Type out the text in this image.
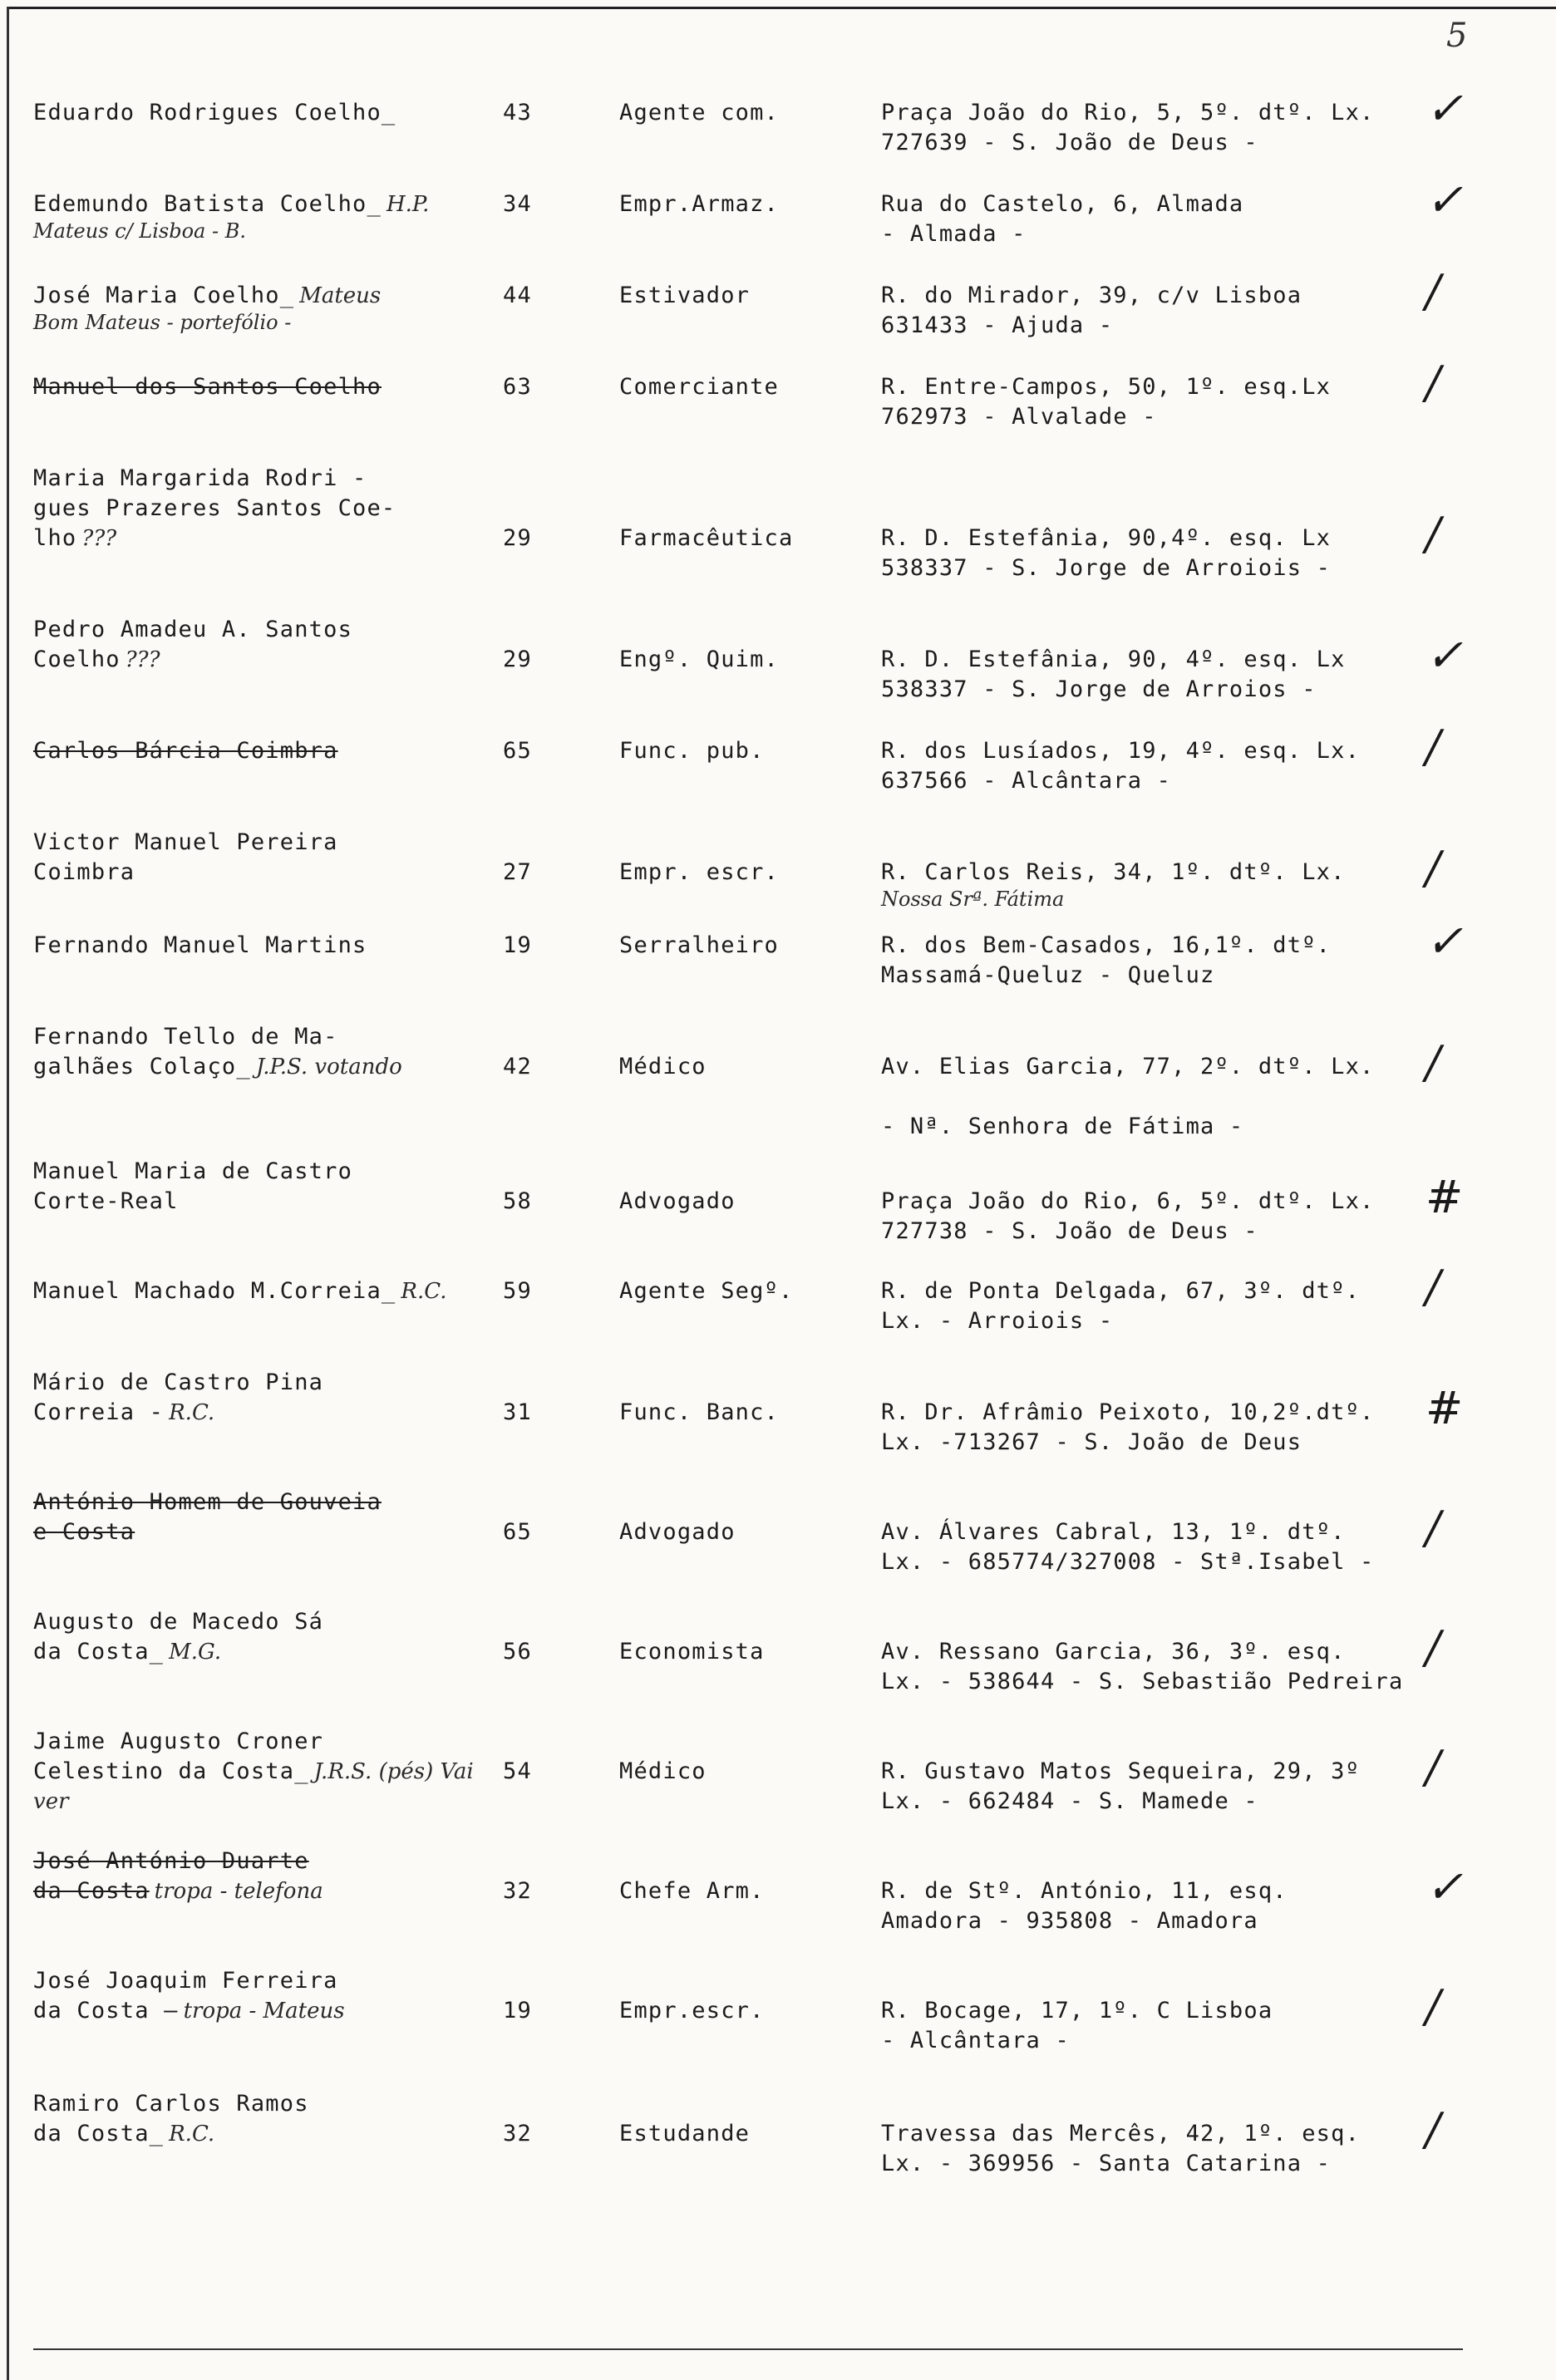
5
Eduardo Rodrigues Coelho_	43	Agente com.	Praça João do Rio, 5, 5º. dtº. Lx.
727639 - S. João de Deus -
✓
Edemundo Batista Coelho_ H.P.
Mateus c/ Lisboa - B.
34	Empr.Armaz.	Rua do Castelo, 6, Almada
- Almada -
✓
José Maria Coelho_ Mateus
Bom Mateus - portefólio -
44	Estivador	R. do Mirador, 39, c/v Lisboa
631433 - Ajuda -
/
Manuel dos Santos Coelho	63	Comerciante	R. Entre-Campos, 50, 1º. esq.Lx
762973 - Alvalade -
/
Maria Margarida Rodri -
gues Prazeres Santos Coe-
lho ???	29	Farmacêutica	R. D. Estefânia, 90,4º. esq. Lx
538337 - S. Jorge de Arroiois -
/
Pedro Amadeu A. Santos
Coelho ???	29	Engº. Quim.	R. D. Estefânia, 90, 4º. esq. Lx
538337 - S. Jorge de Arroios -
✓
Carlos Bárcia Coimbra	65	Func. pub.	R. dos Lusíados, 19, 4º. esq. Lx.
637566 - Alcântara -
/
Victor Manuel Pereira
Coimbra	27	Empr. escr.	R. Carlos Reis, 34, 1º. dtº. Lx.
Nossa Srª. Fátima
/
Fernando Manuel Martins	19	Serralheiro	R. dos Bem-Casados, 16,1º. dtº.
Massamá-Queluz - Queluz
✓
Fernando Tello de Ma-
galhães Colaço_ J.P.S. votando	42	Médico	Av. Elias Garcia, 77, 2º. dtº. Lx.

- Nª. Senhora de Fátima -
/
Manuel Maria de Castro
Corte-Real	58	Advogado	Praça João do Rio, 6, 5º. dtº. Lx.
727738 - S. João de Deus -
#
Manuel Machado M.Correia_ R.C.	59	Agente Segº.	R. de Ponta Delgada, 67, 3º. dtº.
Lx. - Arroiois -
/
Mário de Castro Pina
Correia - R.C.	31	Func. Banc.	R. Dr. Afrâmio Peixoto, 10,2º.dtº.
Lx. -713267 - S. João de Deus
#
António Homem de Gouveia
e Costa	65	Advogado	Av. Álvares Cabral, 13, 1º. dtº.
Lx. - 685774/327008 - Stª.Isabel -
/
Augusto de Macedo Sá
da Costa_ M.G.	56	Economista	Av. Ressano Garcia, 36, 3º. esq.
Lx. - 538644 - S. Sebastião Pedreira
/
Jaime Augusto Croner
Celestino da Costa_ J.R.S. (pés) Vai ver
54	Médico	R. Gustavo Matos Sequeira, 29, 3º
Lx. - 662484 - S. Mamede -
/
José António Duarte
da Costa tropa - telefona	32	Chefe Arm.	R. de Stº. António, 11, esq.
Amadora - 935808 - Amadora
✓
José Joaquim Ferreira
da Costa — tropa - Mateus	19	Empr.escr.	R. Bocage, 17, 1º. C Lisboa
- Alcântara -
/
Ramiro Carlos Ramos
da Costa_ R.C.	32	Estudande	Travessa das Mercês, 42, 1º. esq.
Lx. - 369956 - Santa Catarina -
/
